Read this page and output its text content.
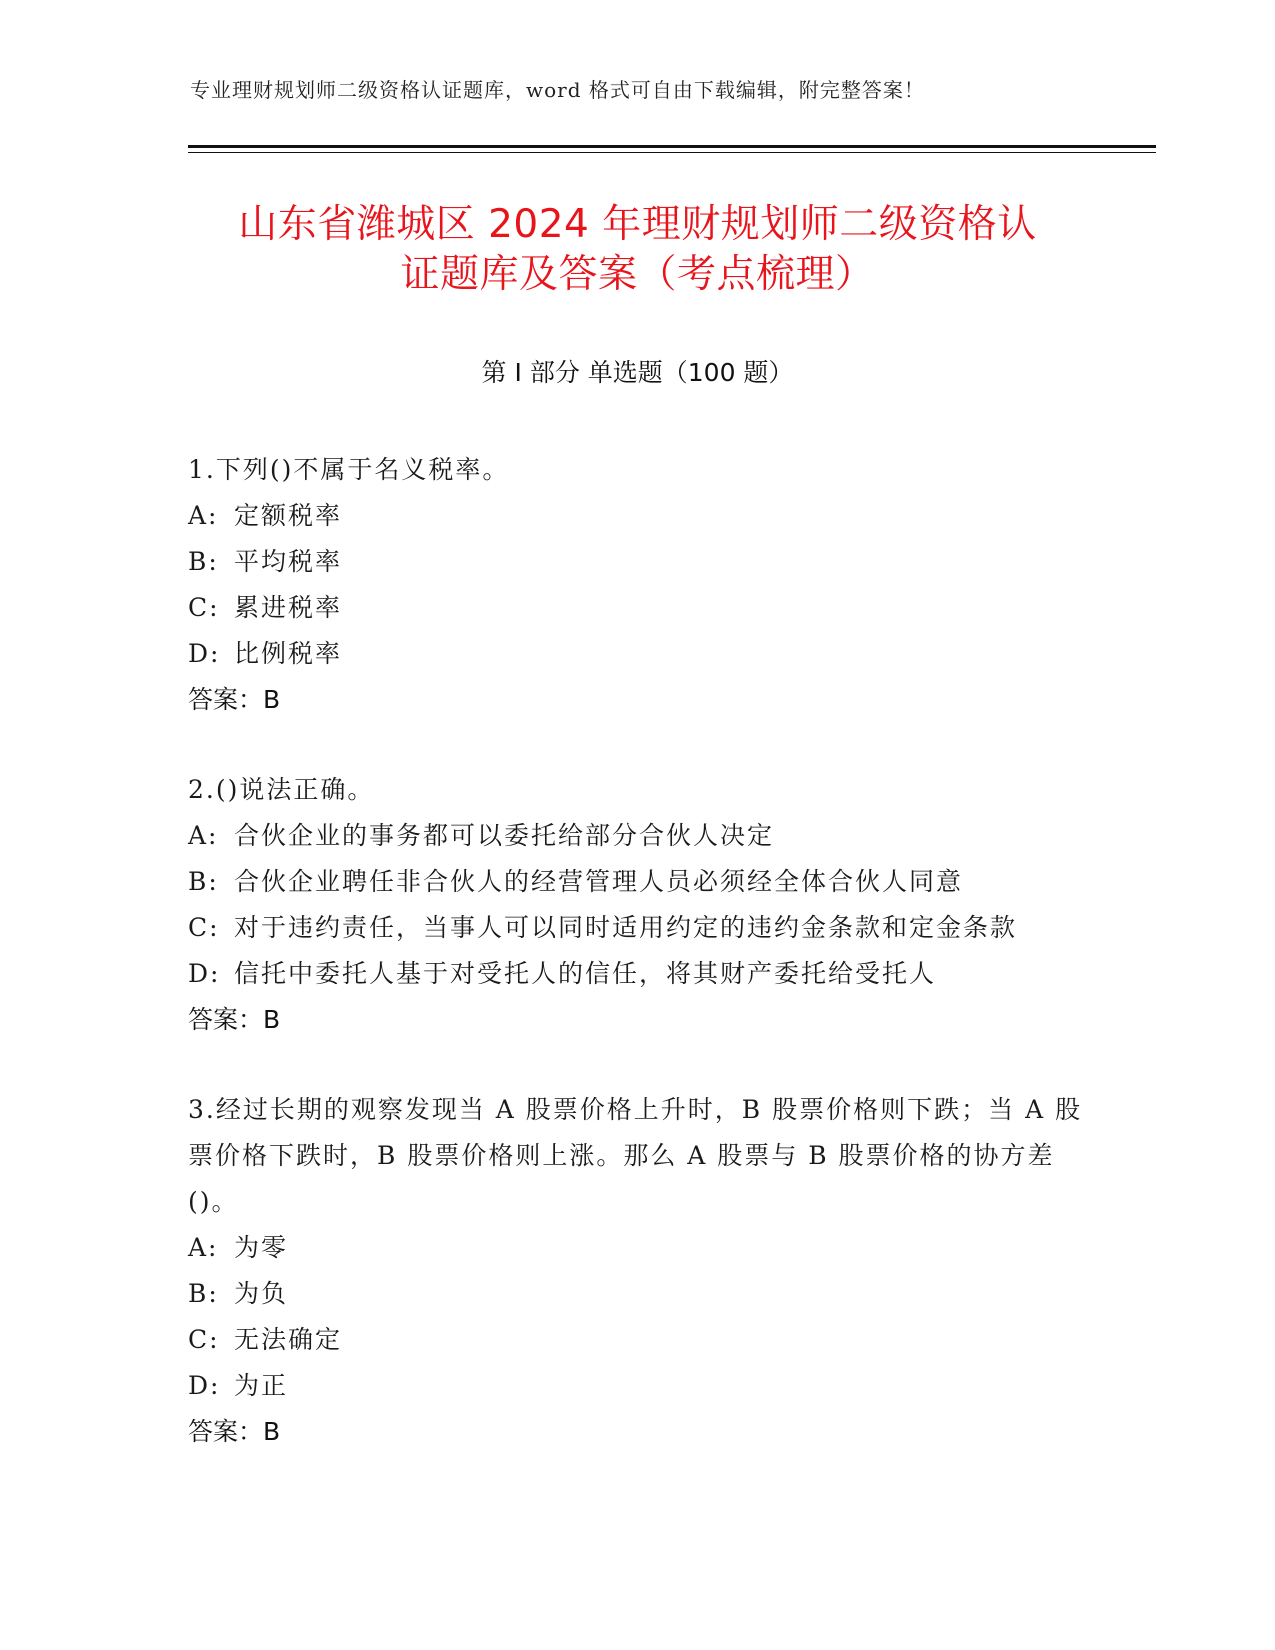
专业理财规划师二级资格认证题库，word 格式可自由下载编辑，附完整答案！
山东省潍城区 2024 年理财规划师二级资格认
证题库及答案（考点梳理）
第 I 部分 单选题（100 题）
1.下列()不属于名义税率。
A: 定额税率
B: 平均税率
C: 累进税率
D: 比例税率
答案：B
2.()说法正确。
A: 合伙企业的事务都可以委托给部分合伙人决定
B: 合伙企业聘任非合伙人的经营管理人员必须经全体合伙人同意
C: 对于违约责任，当事人可以同时适用约定的违约金条款和定金条款
D: 信托中委托人基于对受托人的信任，将其财产委托给受托人
答案：B
3.经过长期的观察发现当 A 股票价格上升时，B 股票价格则下跌；当 A 股票价格下跌时，B 股票价格则上涨。那么 A 股票与 B 股票价格的协方差()。
A: 为零
B: 为负
C: 无法确定
D: 为正
答案：B
